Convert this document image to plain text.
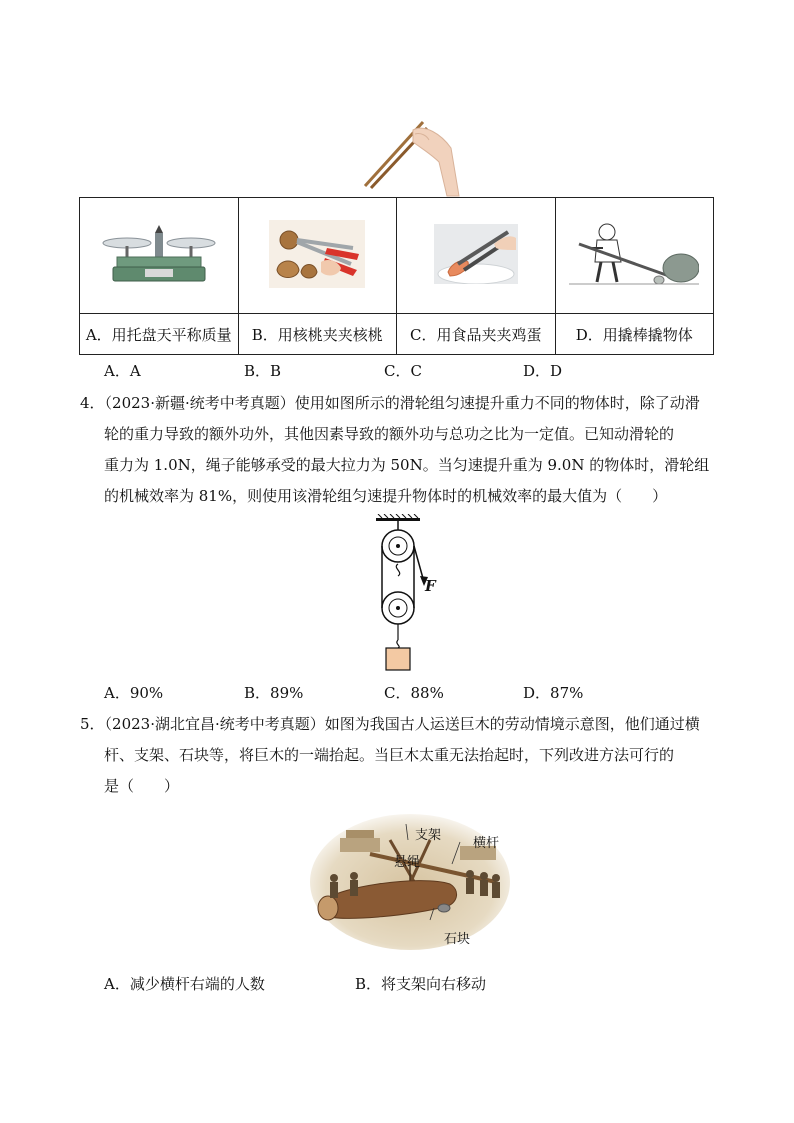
A．用托盘天平称质量	B．用核桃夹夹核桃	C．用食品夹夹鸡蛋	D．用撬棒撬物体
A．A	B．B	C．C	D．D
4．（2023·新疆·统考中考真题）使用如图所示的滑轮组匀速提升重力不同的物体时，除了动滑
轮的重力导致的额外功外，其他因素导致的额外功与总功之比为一定值。已知动滑轮的
重力为 1.0N，绳子能够承受的最大拉力为 50N。当匀速提升重为 9.0N 的物体时，滑轮组
的机械效率为 81%，则使用该滑轮组匀速提升物体时的机械效率的最大值为（　　）
F
A．90%	B．89%	C．88%	D．87%
5．（2023·湖北宜昌·统考中考真题）如图为我国古人运送巨木的劳动情境示意图，他们通过横
杆、支架、石块等，将巨木的一端抬起。当巨木太重无法抬起时，下列改进方法可行的
是（　　）
支架
悬绳
横杆
石块
A．减少横杆右端的人数	B．将支架向右移动
